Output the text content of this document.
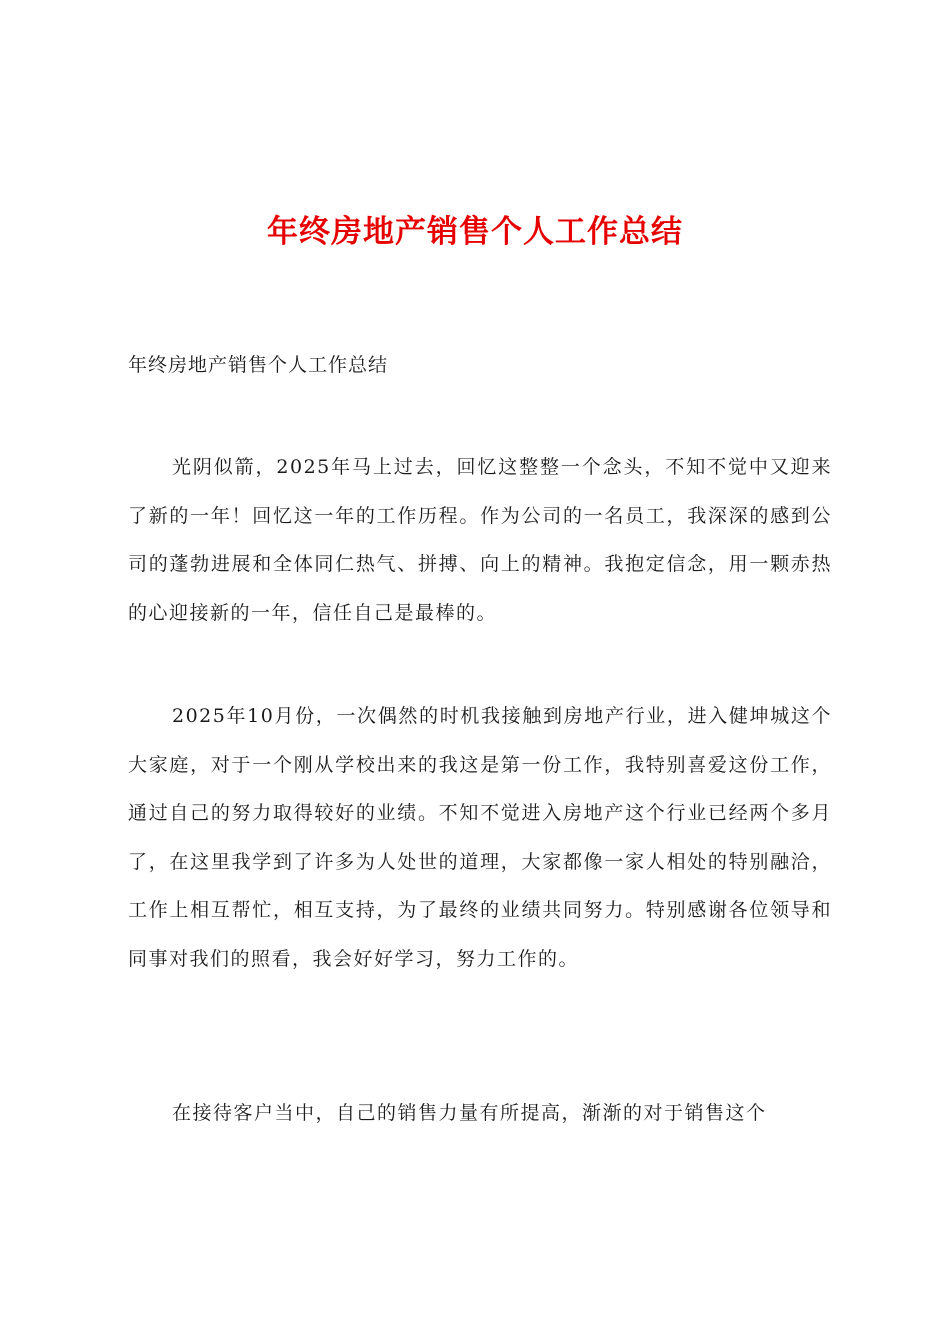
年终房地产销售个人工作总结
年终房地产销售个人工作总结

光阴似箭，2025年马上过去，回忆这整整一个念头，不知不觉中又迎来了新的一年！回忆这一年的工作历程。作为公司的一名员工，我深深的感到公司的蓬勃进展和全体同仁热气、拼搏、向上的精神。我抱定信念，用一颗赤热的心迎接新的一年，信任自己是最棒的。

2025年10月份，一次偶然的时机我接触到房地产行业，进入健坤城这个大家庭，对于一个刚从学校出来的我这是第一份工作，我特别喜爱这份工作，通过自己的努力取得较好的业绩。不知不觉进入房地产这个行业已经两个多月了，在这里我学到了许多为人处世的道理，大家都像一家人相处的特别融洽，工作上相互帮忙，相互支持，为了最终的业绩共同努力。特别感谢各位领导和同事对我们的照看，我会好好学习，努力工作的。

在接待客户当中，自己的销售力量有所提高，渐渐的对于销售这个
